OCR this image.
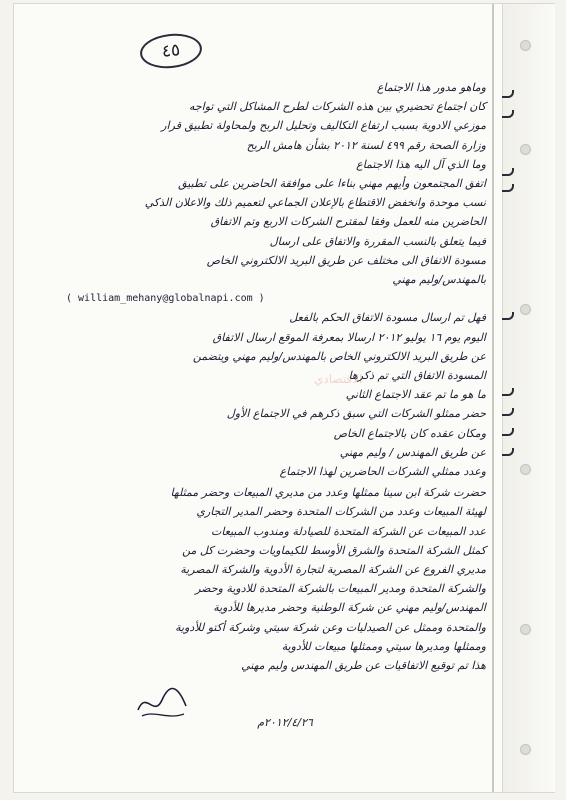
٤٥
الاقتصادي

وماهو مدور هذا الاجتماع

كان اجتماع تحضيري بين هذه الشركات لطرح المشاكل التي تواجه

موزعي الادوية بسبب ارتفاع التكاليف وتحليل الربح ولمحاولة تطبيق قرار

وزارة الصحة رقم ٤٩٩ لسنة ٢٠١٢ بشأن هامش الربح

وما الذي آل اليه هذا الاجتماع

اتفق المجتمعون وأيهم مهني بناءا على موافقة الحاضرين على تطبيق

نسب موحدة وانخفض الاقتطاع بالإعلان الجماعي لتعميم ذلك والاعلان الذكي

الحاضرين منه للعمل وفقا لمقترح الشركات الاربع وتم الاتفاق

فيما يتعلق بالنسب المقررة والاتفاق على ارسال

مسودة الاتفاق الى مختلف عن طريق البريد الالكتروني الخاص

بالمهندس/وليم مهني

( william_mehany@globalnapi.com )

فهل تم ارسال مسودة الاتفاق الحكم بالفعل

اليوم يوم ١٦ يوليو ٢٠١٢ ارسالا بمعرفة الموقع ارسال الاتفاق

عن طريق البريد الالكتروني الخاص بالمهندس/وليم مهني ويتضمن

المسودة الاتفاق التي تم ذكرها

ما هو ما تم عقد الاجتماع الثاني

حضر ممثلو الشركات التي سبق ذكرهم في الاجتماع الأول

ومكان عقده كان بالاجتماع الخاص

عن طريق المهندس / وليم مهني

وعدد ممثلي الشركات الحاضرين لهذا الاجتماع

حضرت شركة ابن سينا ممثلها وعدد من مديري المبيعات وحضر ممثلها

لهيئة المبيعات وعدد من الشركات المتحدة وحضر المدير التجاري

عدد المبيعات عن الشركة المتحدة للصيادلة ومندوب المبيعات

كمثل الشركة المتحدة والشرق الأوسط للكيماويات وحضرت كل من

مديري الفروع عن الشركة المصرية لتجارة الأدوية والشركة المصرية

والشركة المتحدة ومدير المبيعات بالشركة المتحدة للادوية وحضر

المهندس/وليم مهني عن شركة الوطنية وحضر مديرها للأدوية

والمتحدة وممثل عن الصيدليات وعن شركة سيتي وشركة أكتو للأدوية

وممثلها ومديرها سيتي وممثلها مبيعات للأدوية

هذا تم توقيع الاتفاقيات عن طريق المهندس وليم مهني

٢٠١٢/٤/٢٦م
